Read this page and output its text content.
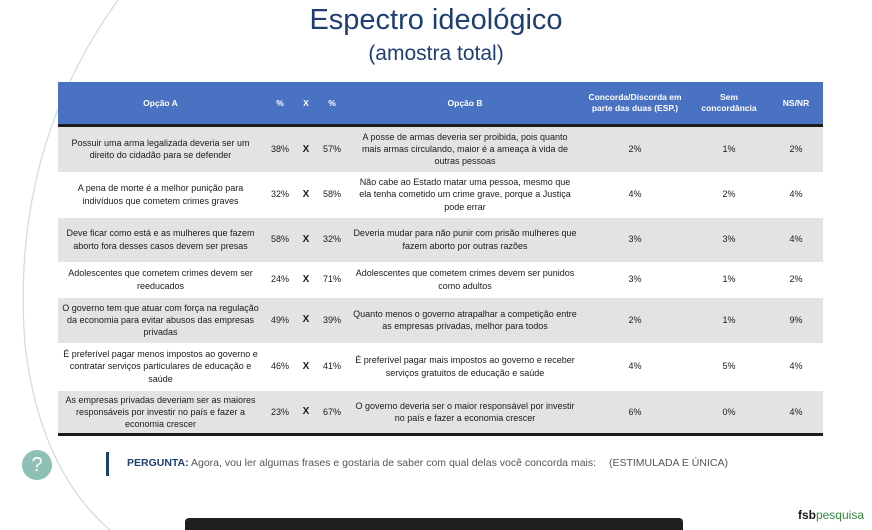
Espectro ideológico
(amostra total)
Opção A	%	X	%	Opção B	Concorda/Discorda em parte das duas (ESP.)	Sem concordância	NS/NR
Possuir uma arma legalizada deveria ser um direito do cidadão para se defender	38%	X	57%	A posse de armas deveria ser proibida, pois quanto mais armas circulando, maior é a ameaça à vida de outras pessoas	2%	1%	2%
A pena de morte é a melhor punição para indivíduos que cometem crimes graves	32%	X	58%	Não cabe ao Estado matar uma pessoa, mesmo que ela tenha cometido um crime grave, porque a Justiça pode errar	4%	2%	4%
Deve ficar como está e as mulheres que fazem aborto fora desses casos devem ser presas	58%	X	32%	Deveria mudar para não punir com prisão mulheres que fazem aborto por outras razões	3%	3%	4%
Adolescentes que cometem crimes devem ser reeducados	24%	X	71%	Adolescentes que cometem crimes devem ser punidos como adultos	3%	1%	2%
O governo tem que atuar com força na regulação da economia para evitar abusos das empresas privadas	49%	X	39%	Quanto menos o governo atrapalhar a competição entre as empresas privadas, melhor para todos	2%	1%	9%
É preferível pagar menos impostos ao governo e contratar serviços particulares de educação e saúde	46%	X	41%	É preferível pagar mais impostos ao governo e receber serviços gratuitos de educação e saúde	4%	5%	4%
As empresas privadas deveriam ser as maiores responsáveis por investir no país e fazer a economia crescer	23%	X	67%	O governo deveria ser o maior responsável por investir no país e fazer a economia crescer	6%	0%	4%
?	PERGUNTA: Agora, vou ler algumas frases e gostaria de saber com qual delas você concorda mais: (ESTIMULADA E ÚNICA)
fsbpesquisa
